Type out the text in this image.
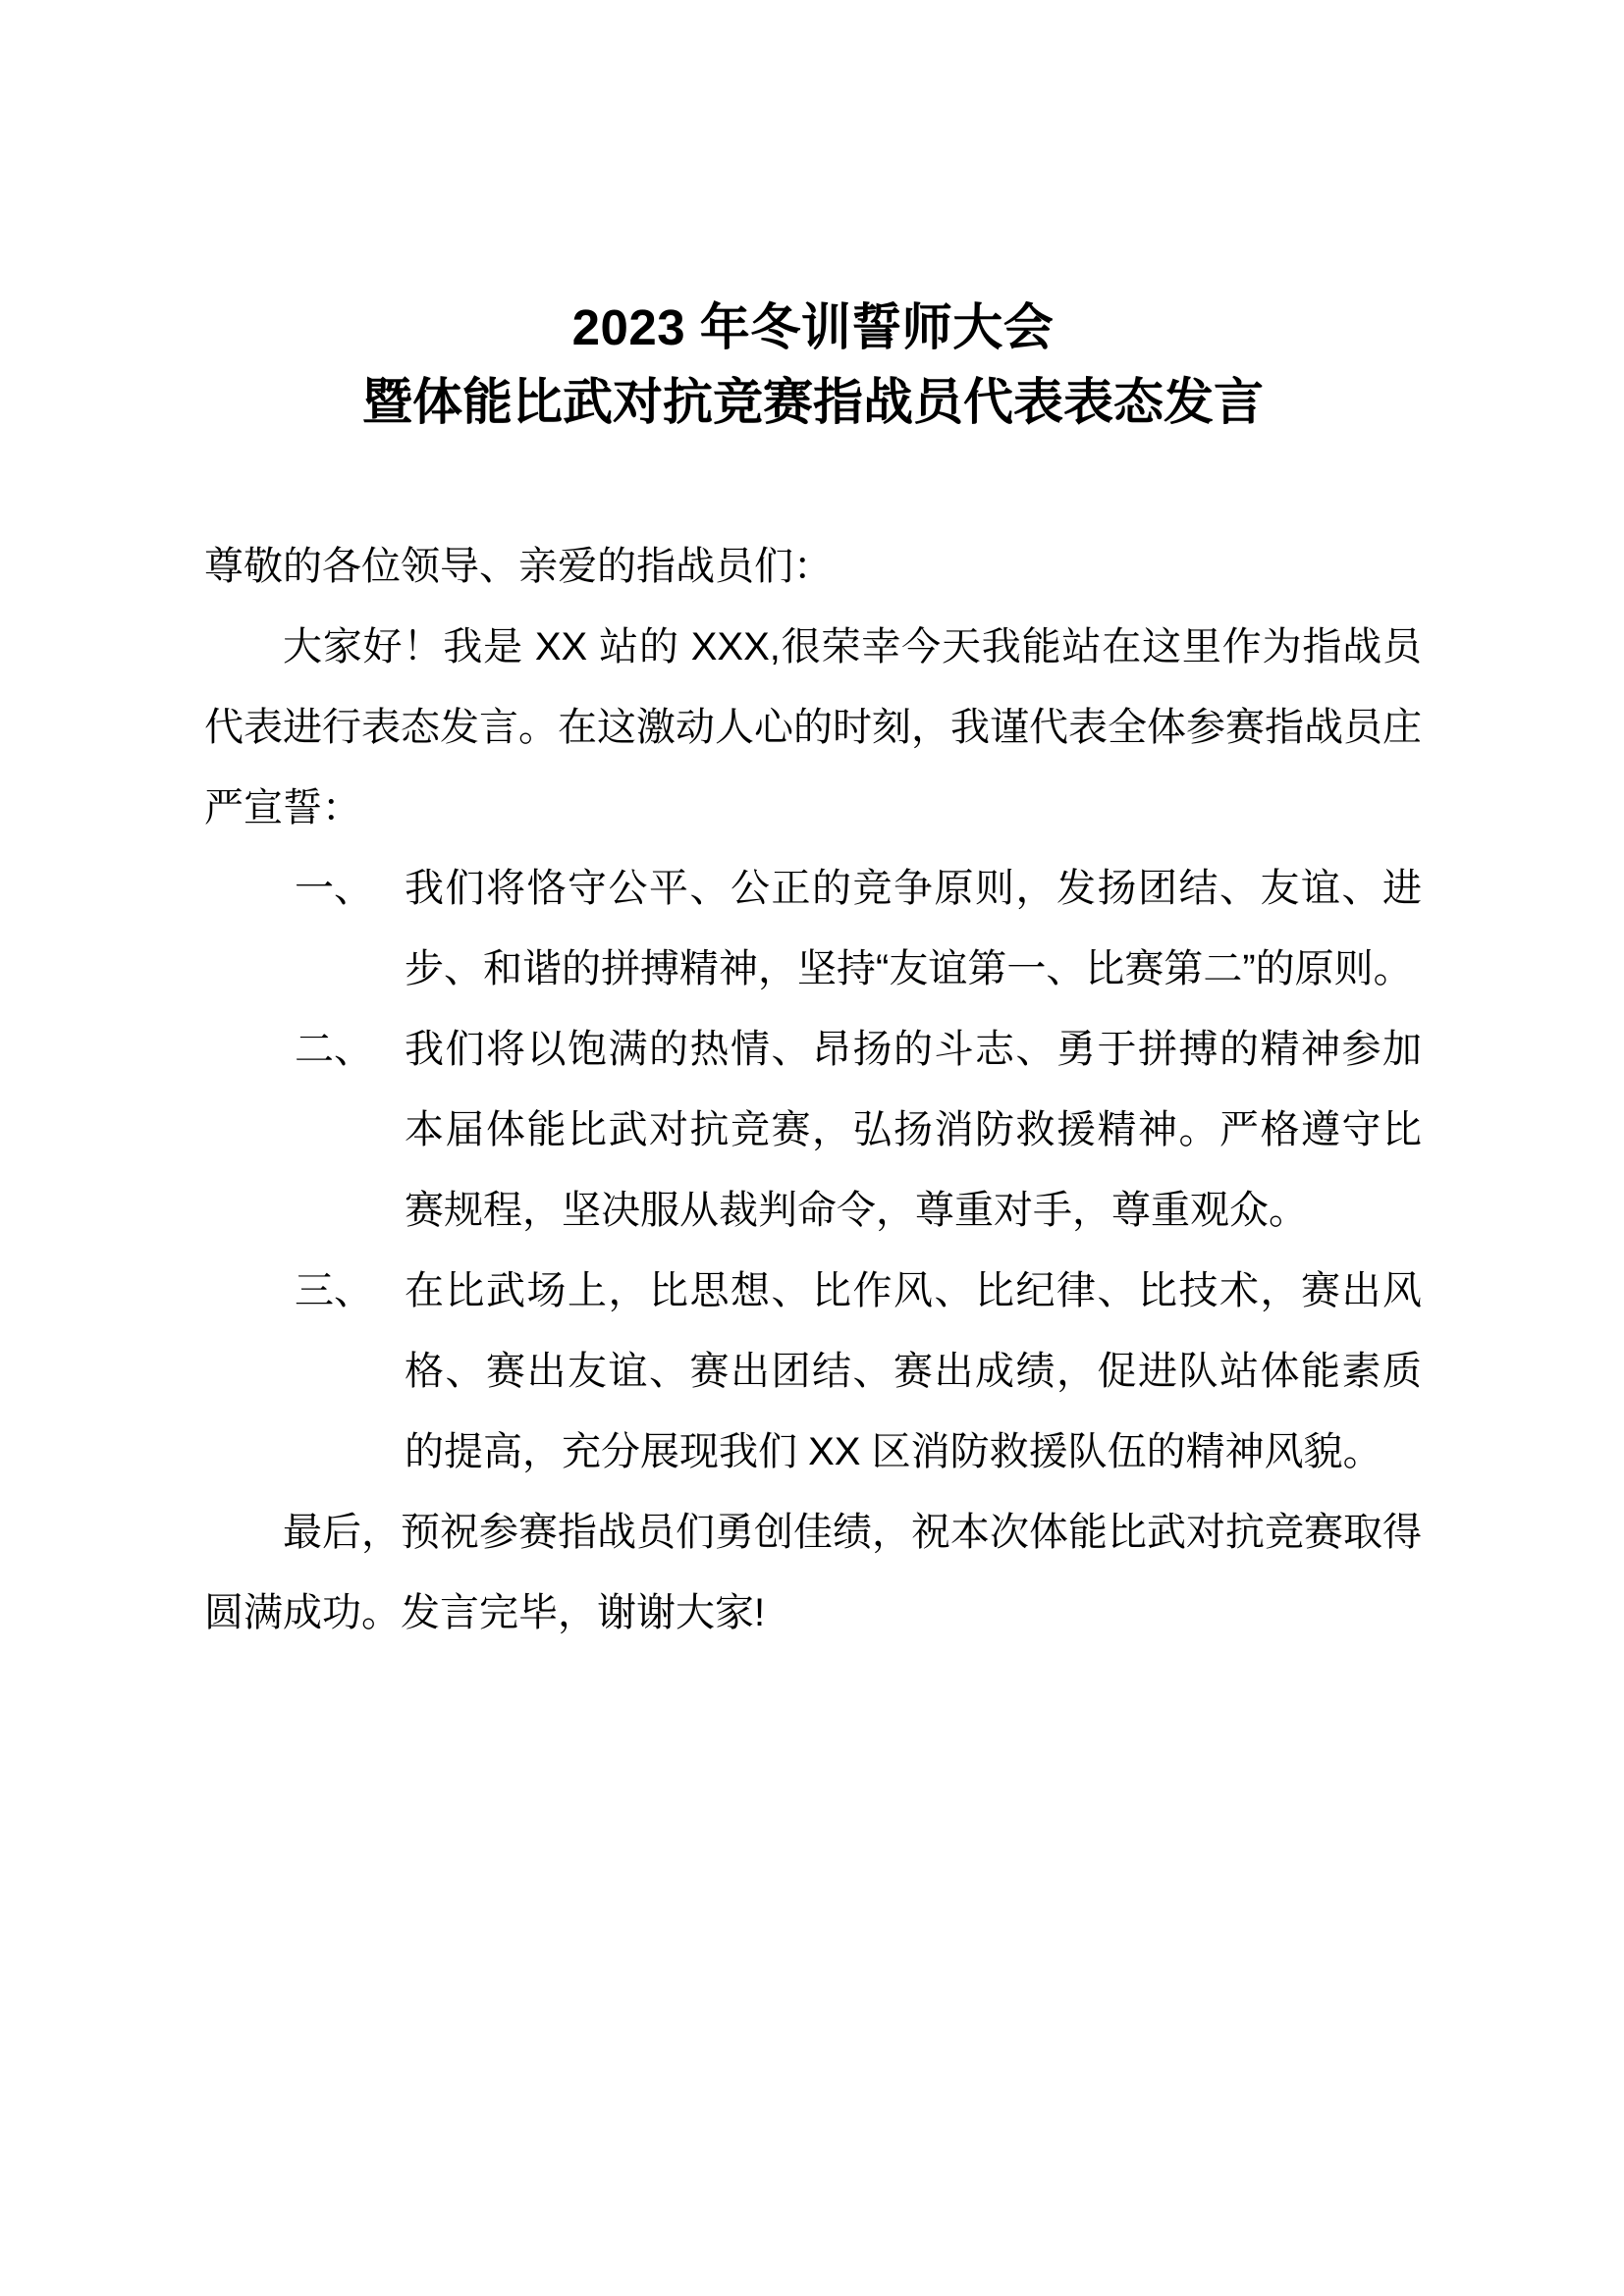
2023 年冬训誓师大会
暨体能比武对抗竞赛指战员代表表态发言
尊敬的各位领导、亲爱的指战员们：
大家好！我是 XX 站的 XXX,很荣幸今天我能站在这里作为指战员代表进行表态发言。在这激动人心的时刻，我谨代表全体参赛指战员庄严宣誓：
一、 我们将恪守公平、公正的竞争原则，发扬团结、友谊、进步、和谐的拼搏精神，坚持“友谊第一、比赛第二”的原则。
二、 我们将以饱满的热情、昂扬的斗志、勇于拼搏的精神参加本届体能比武对抗竞赛，弘扬消防救援精神。严格遵守比赛规程，坚决服从裁判命令，尊重对手，尊重观众。
三、 在比武场上，比思想、比作风、比纪律、比技术，赛出风格、赛出友谊、赛出团结、赛出成绩，促进队站体能素质的提高，充分展现我们 XX 区消防救援队伍的精神风貌。
最后，预祝参赛指战员们勇创佳绩，祝本次体能比武对抗竞赛取得圆满成功。发言完毕，谢谢大家!
